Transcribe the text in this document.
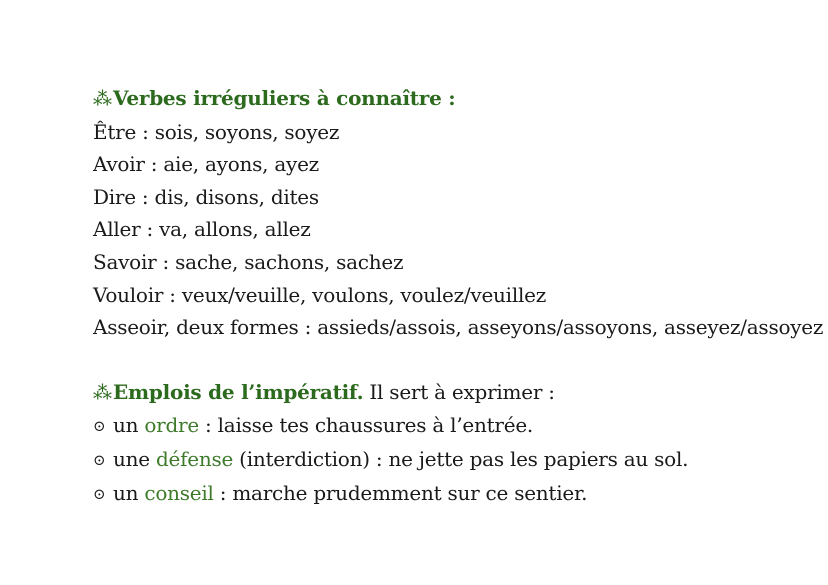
⁂Verbes irréguliers à connaître :
Être : sois, soyons, soyez
Avoir : aie, ayons, ayez
Dire : dis, disons, dites
Aller : va, allons, allez
Savoir : sache, sachons, sachez
Vouloir : veux/veuille, voulons, voulez/veuillez
Asseoir, deux formes : assieds/assois, asseyons/assoyons, asseyez/assoyez
⁂Emplois de l’impératif. Il sert à exprimer :
⊙ un ordre : laisse tes chaussures à l’entrée.
⊙ une défense (interdiction) : ne jette pas les papiers au sol.
⊙ un conseil : marche prudemment sur ce sentier.
